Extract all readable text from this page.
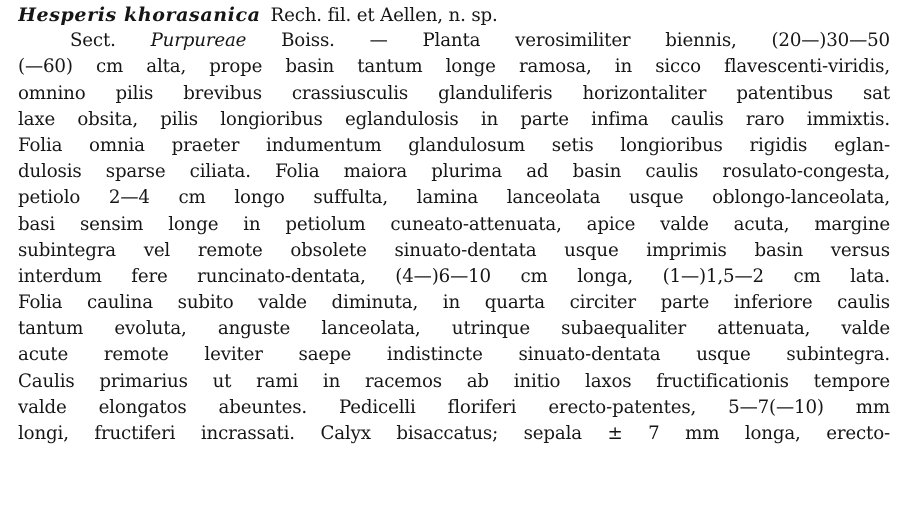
Hesperis khorasanica Rech. fil. et Aellen, n. sp.
Sect. Purpureae Boiss. — Planta verosimiliter biennis, (20—)30—50
(—60) cm alta, prope basin tantum longe ramosa, in sicco flavescenti-viridis,
omnino pilis brevibus crassiusculis glanduliferis horizontaliter patentibus sat
laxe obsita, pilis longioribus eglandulosis in parte infima caulis raro immixtis.
Folia omnia praeter indumentum glandulosum setis longioribus rigidis eglan-
dulosis sparse ciliata. Folia maiora plurima ad basin caulis rosulato-congesta,
petiolo 2—4 cm longo suffulta, lamina lanceolata usque oblongo-lanceolata,
basi sensim longe in petiolum cuneato-attenuata, apice valde acuta, margine
subintegra vel remote obsolete sinuato-dentata usque imprimis basin versus
interdum fere runcinato-dentata, (4—)6—10 cm longa, (1—)1,5—2 cm lata.
Folia caulina subito valde diminuta, in quarta circiter parte inferiore caulis
tantum evoluta, anguste lanceolata, utrinque subaequaliter attenuata, valde
acute remote leviter saepe indistincte sinuato-dentata usque subintegra.
Caulis primarius ut rami in racemos ab initio laxos fructificationis tempore
valde elongatos abeuntes. Pedicelli floriferi erecto-patentes, 5—7(—10) mm
longi, fructiferi incrassati. Calyx bisaccatus; sepala ± 7 mm longa, erecto-
